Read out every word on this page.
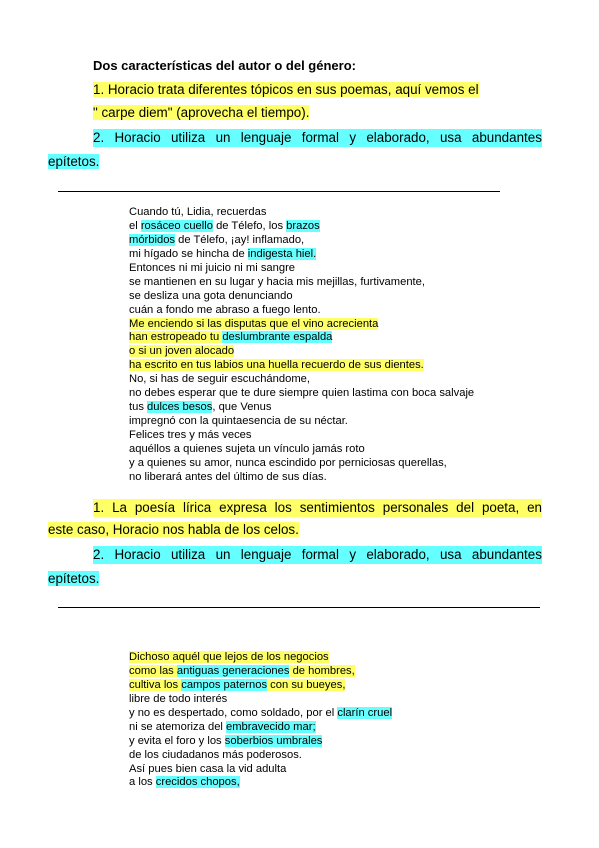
Dos características del autor o del género:
1. Horacio trata diferentes tópicos en sus poemas, aquí vemos el
" carpe diem" (aprovecha el tiempo).
2. Horacio utiliza un lenguaje formal y elaborado, usa abundantes
epítetos.
Cuando tú, Lidia, recuerdas
el rosáceo cuello de Télefo, los brazos
mórbidos de Télefo, ¡ay! inflamado,
mi hígado se hincha de indigesta hiel.
Entonces ni mi juicio ni mi sangre
se mantienen en su lugar y hacia mis mejillas, furtivamente,
se desliza una gota denunciando
cuán a fondo me abraso a fuego lento.
Me enciendo si las disputas que el vino acrecienta
han estropeado tu deslumbrante espalda
o si un joven alocado
ha escrito en tus labios una huella recuerdo de sus dientes.
No, si has de seguir escuchándome,
no debes esperar que te dure siempre quien lastima con boca salvaje
tus dulces besos, que Venus
impregnó con la quintaesencia de su néctar.
Felices tres y más veces
aquéllos a quienes sujeta un vínculo jamás roto
y a quienes su amor, nunca escindido por perniciosas querellas,
no liberará antes del último de sus días.
1. La poesía lírica expresa los sentimientos personales del poeta, en
este caso, Horacio nos habla de los celos.
2. Horacio utiliza un lenguaje formal y elaborado, usa abundantes
epítetos.
Dichoso aquél que lejos de los negocios
como las antiguas generaciones de hombres,
cultiva los campos paternos con su bueyes,
libre de todo interés
y no es despertado, como soldado, por el clarín cruel
ni se atemoriza del embravecido mar;
y evita el foro y los soberbios umbrales
de los ciudadanos más poderosos.
Así pues bien casa la vid adulta
a los crecidos chopos,
